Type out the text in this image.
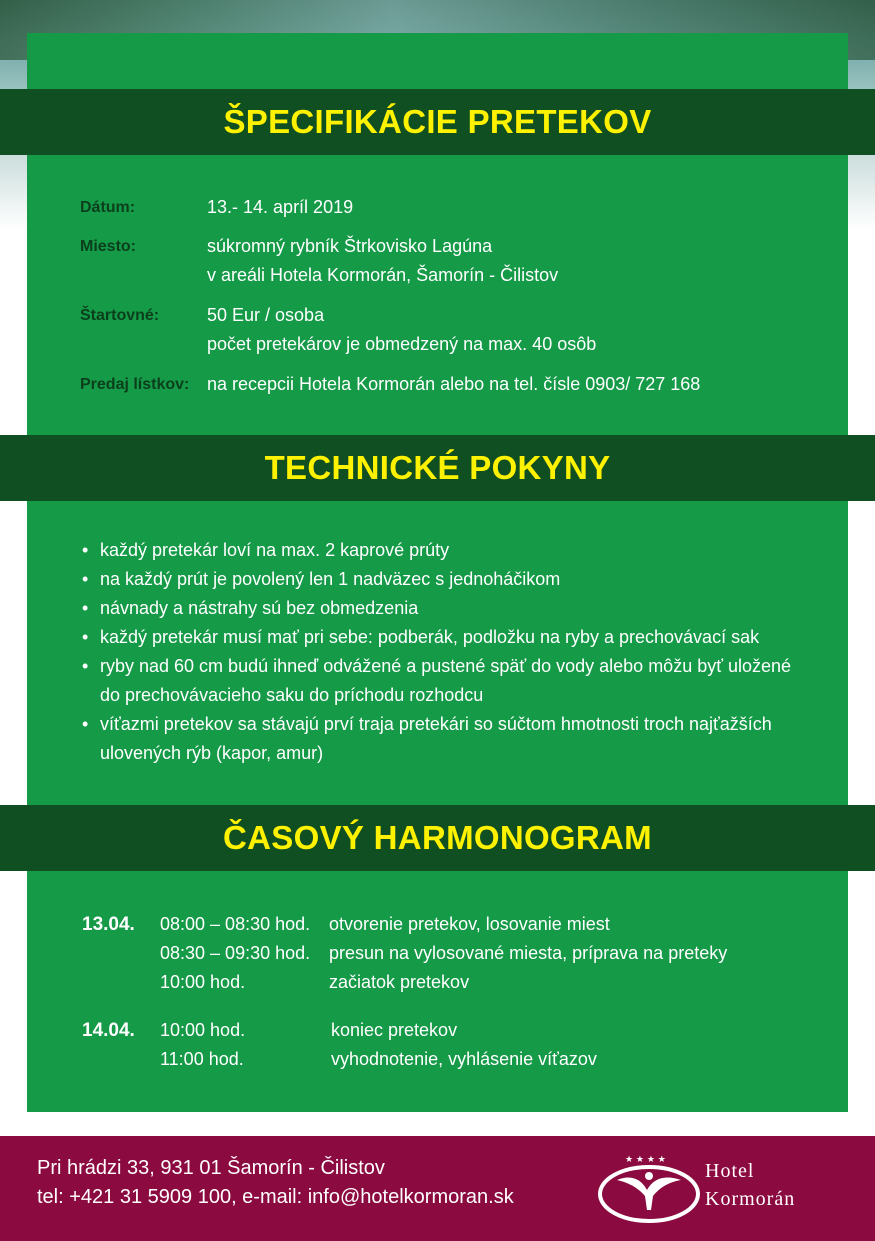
ŠPECIFIKÁCIE PRETEKOV
Dátum:	13.- 14. apríl 2019
Miesto:	súkromný rybník Štrkovisko Lagúna
v areáli Hotela Kormorán, Šamorín - Čilistov
Štartovné:	50 Eur / osoba
počet pretekárov je obmedzený na max. 40 osôb
Predaj lístkov: na recepcii Hotela Kormorán alebo na tel. čísle 0903/ 727 168
TECHNICKÉ POKYNY
• každý pretekár loví na max. 2 kaprové prúty
• na každý prút je povolený len 1 nadväzec s jednoháčikom
• návnady a nástrahy sú bez obmedzenia
• každý pretekár musí mať pri sebe: podberák, podložku na ryby a prechovávací sak
• ryby nad 60 cm budú ihneď odvážené a pustené späť do vody alebo môžu byť uložené
do prechovávacieho saku do príchodu rozhodcu
• víťazmi pretekov sa stávajú prví traja pretekári so súčtom hmotnosti troch najťažších
ulovených rýb (kapor, amur)
ČASOVÝ HARMONOGRAM
13.04. 08:00 – 08:30 hod. otvorenie pretekov, losovanie miest
08:30 – 09:30 hod. presun na vylosované miesta, príprava na preteky
10:00 hod.	začiatok pretekov
14.04. 10:00 hod.	koniec pretekov
11:00 hod.	vyhodnotenie, vyhlásenie víťazov
Pri hrádzi 33, 931 01 Šamorín - Čilistov
tel: +421 31 5909 100, e-mail: info@hotelkormoran.sk
★ ★ ★ ★ Hotel
Kormorán
